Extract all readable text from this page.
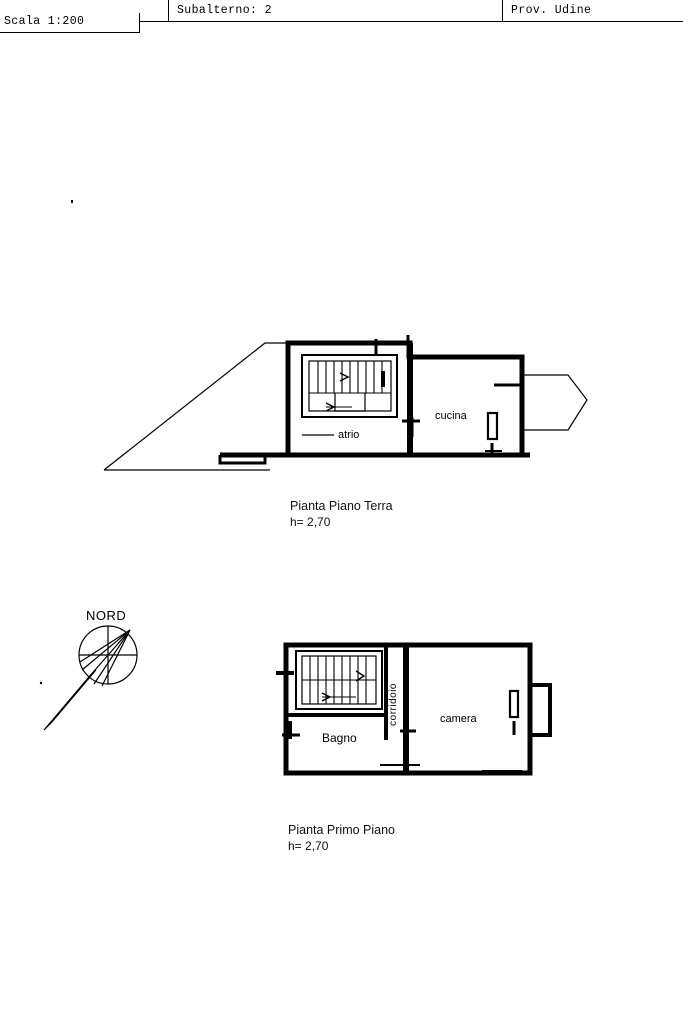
Subalterno: 2	Prov. Udine
Scala 1:200
cucina
atrio
Pianta Piano Terra
h= 2,70
camera
corridoio
Bagno
Pianta Primo Piano
h= 2,70
NORD
